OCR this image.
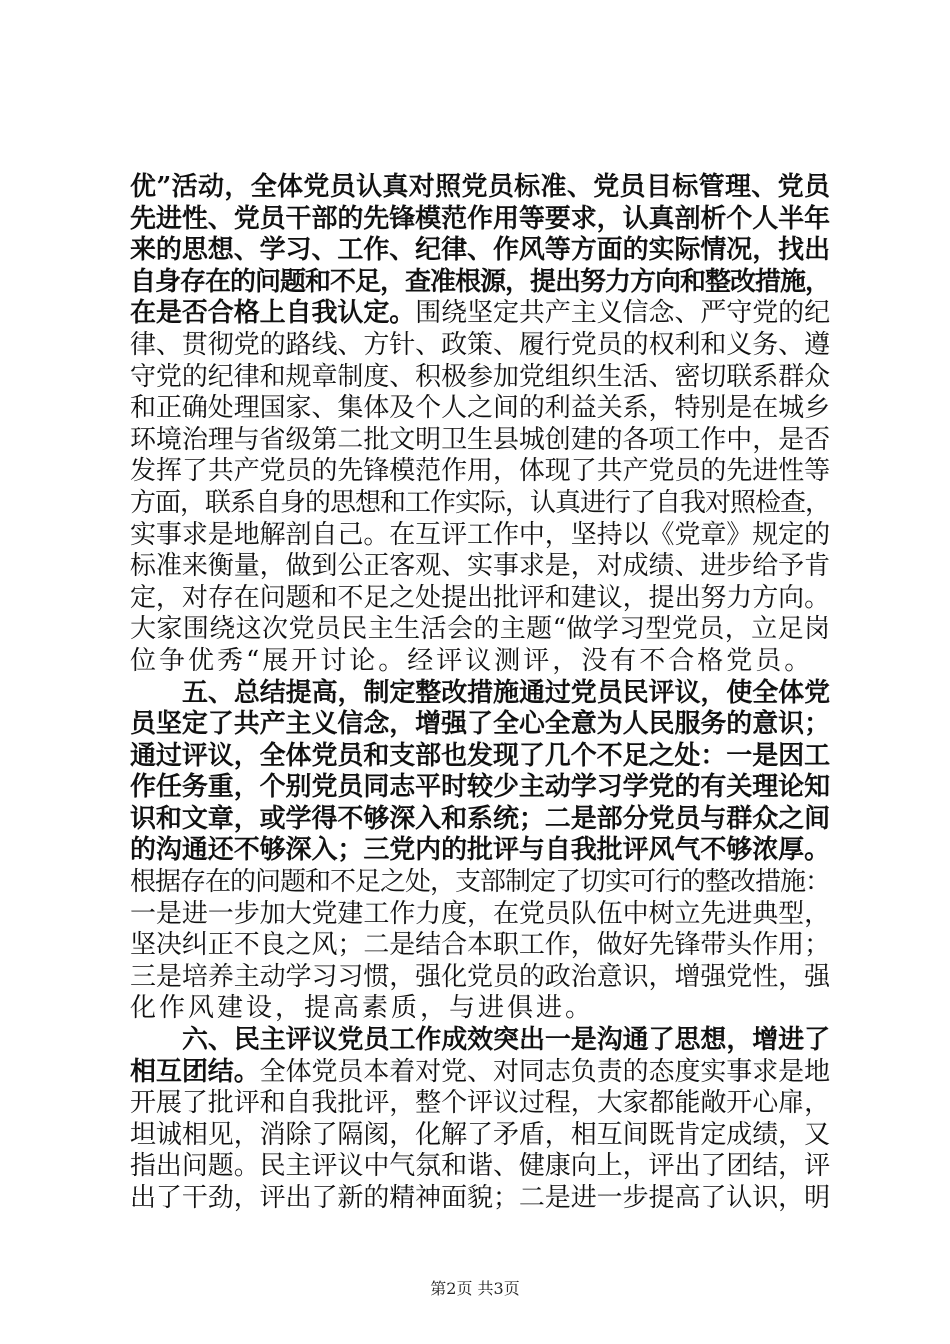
优”活动，全体党员认真对照党员标准、党员目标管理、党员
先进性、党员干部的先锋模范作用等要求，认真剖析个人半年
来的思想、学习、工作、纪律、作风等方面的实际情况，找出
自身存在的问题和不足，查准根源，提出努力方向和整改措施，
在是否合格上自我认定。围绕坚定共产主义信念、严守党的纪
律、贯彻党的路线、方针、政策、履行党员的权利和义务、遵
守党的纪律和规章制度、积极参加党组织生活、密切联系群众
和正确处理国家、集体及个人之间的利益关系，特别是在城乡
环境治理与省级第二批文明卫生县城创建的各项工作中，是否
发挥了共产党员的先锋模范作用，体现了共产党员的先进性等
方面，联系自身的思想和工作实际，认真进行了自我对照检查，
实事求是地解剖自己。在互评工作中，坚持以《党章》规定的
标准来衡量，做到公正客观、实事求是，对成绩、进步给予肯
定，对存在问题和不足之处提出批评和建议，提出努力方向。
大家围绕这次党员民主生活会的主题“做学习型党员，立足岗
位争优秀“展开讨论。经评议测评，没有不合格党员。
五、总结提高，制定整改措施通过党员民评议，使全体党
员坚定了共产主义信念，增强了全心全意为人民服务的意识；
通过评议，全体党员和支部也发现了几个不足之处：一是因工
作任务重，个别党员同志平时较少主动学习学党的有关理论知
识和文章，或学得不够深入和系统；二是部分党员与群众之间
的沟通还不够深入；三党内的批评与自我批评风气不够浓厚。
根据存在的问题和不足之处，支部制定了切实可行的整改措施：
一是进一步加大党建工作力度，在党员队伍中树立先进典型，
坚决纠正不良之风；二是结合本职工作，做好先锋带头作用；
三是培养主动学习习惯，强化党员的政治意识，增强党性，强
化作风建设，提高素质，与进俱进。
六、民主评议党员工作成效突出一是沟通了思想，增进了
相互团结。全体党员本着对党、对同志负责的态度实事求是地
开展了批评和自我批评，整个评议过程，大家都能敞开心扉，
坦诚相见，消除了隔阂，化解了矛盾，相互间既肯定成绩，又
指出问题。民主评议中气氛和谐、健康向上，评出了团结，评
出了干劲，评出了新的精神面貌；二是进一步提高了认识，明
第2页 共3页
